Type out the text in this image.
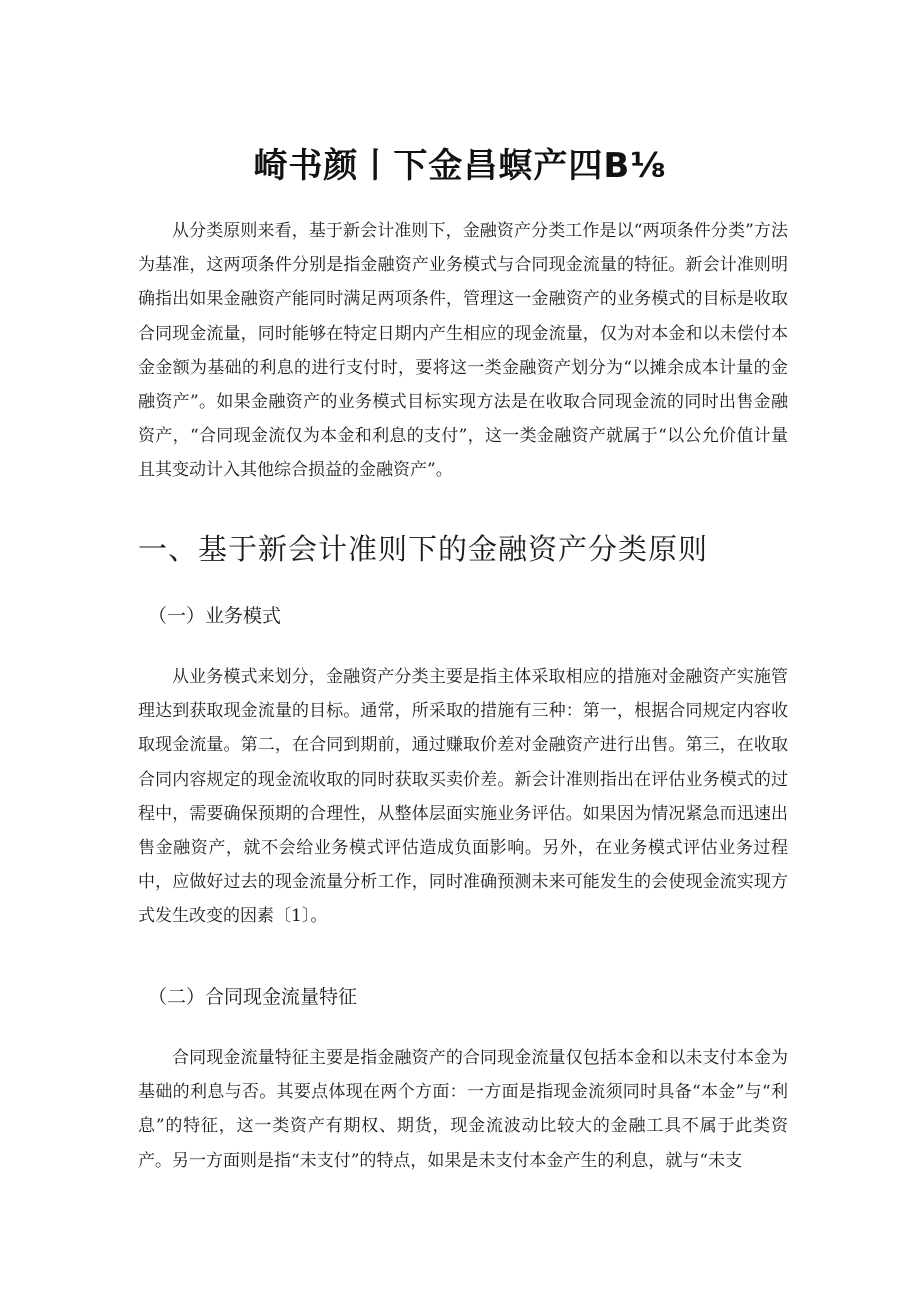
崎书颜丨下金昌螟产四B⅛

从分类原则来看，基于新会计准则下，金融资产分类工作是以“两项条件分类”方法为基准，这两项条件分别是指金融资产业务模式与合同现金流量的特征。新会计准则明确指出如果金融资产能同时满足两项条件，管理这一金融资产的业务模式的目标是收取合同现金流量，同时能够在特定日期内产生相应的现金流量，仅为对本金和以未偿付本金金额为基础的利息的进行支付时，要将这一类金融资产划分为“以摊余成本计量的金融资产”。如果金融资产的业务模式目标实现方法是在收取合同现金流的同时出售金融资产，“合同现金流仅为本金和利息的支付”，这一类金融资产就属于“以公允价值计量且其变动计入其他综合损益的金融资产”。

一、基于新会计准则下的金融资产分类原则
（一）业务模式

从业务模式来划分，金融资产分类主要是指主体采取相应的措施对金融资产实施管理达到获取现金流量的目标。通常，所采取的措施有三种：第一，根据合同规定内容收取现金流量。第二，在合同到期前，通过赚取价差对金融资产进行出售。第三，在收取合同内容规定的现金流收取的同时获取买卖价差。新会计准则指出在评估业务模式的过程中，需要确保预期的合理性，从整体层面实施业务评估。如果因为情况紧急而迅速出售金融资产，就不会给业务模式评估造成负面影响。另外，在业务模式评估业务过程中，应做好过去的现金流量分析工作，同时准确预测未来可能发生的会使现金流实现方式发生改变的因素〔1〕。

（二）合同现金流量特征

合同现金流量特征主要是指金融资产的合同现金流量仅包括本金和以未支付本金为基础的利息与否。其要点体现在两个方面：一方面是指现金流须同时具备“本金”与“利息”的特征，这一类资产有期权、期货，现金流波动比较大的金融工具不属于此类资产。另一方面则是指“未支付”的特点，如果是未支付本金产生的利息，就与“未支
